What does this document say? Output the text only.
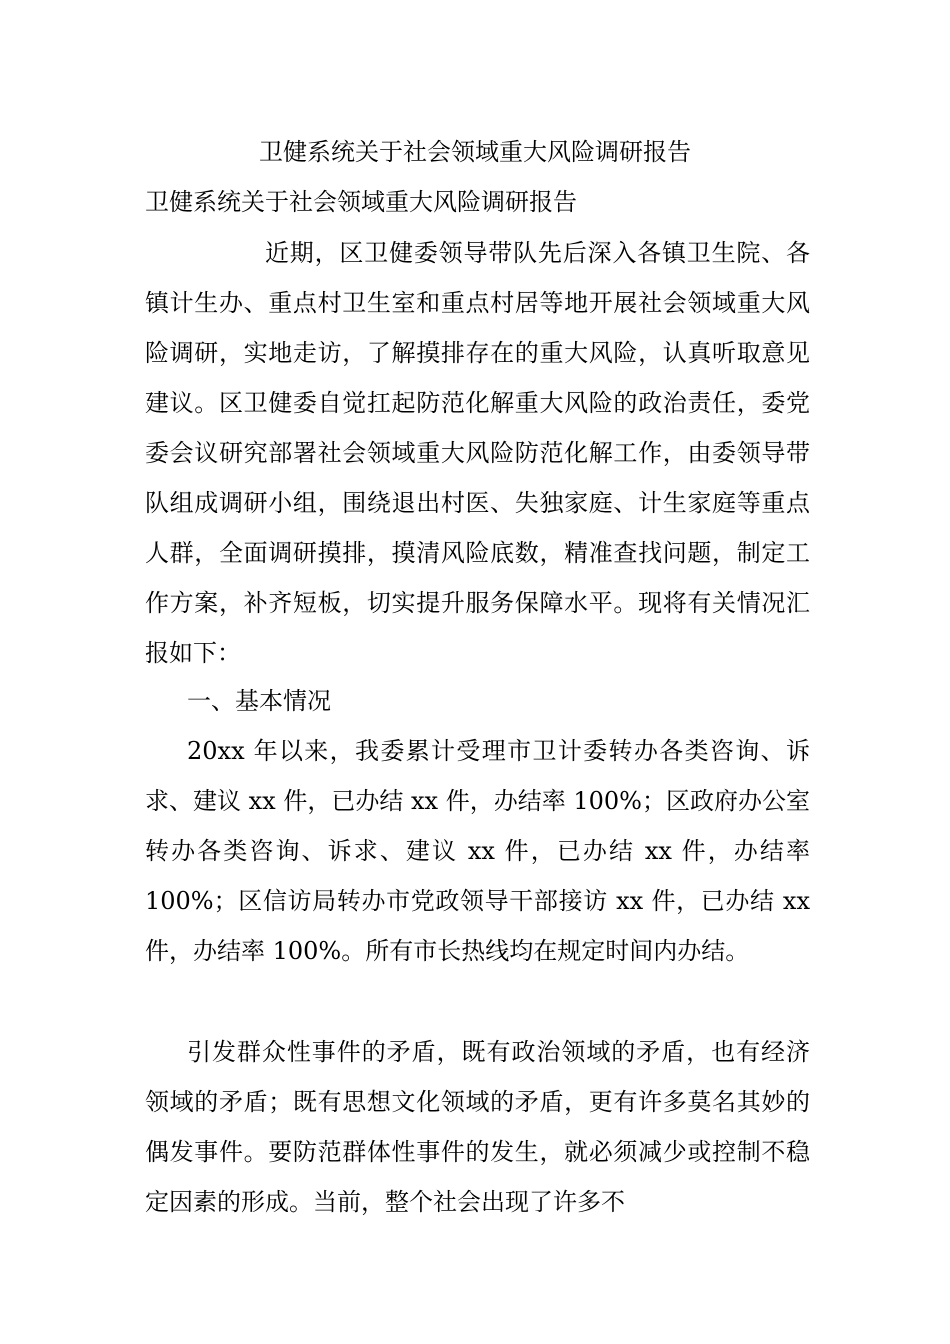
卫健系统关于社会领域重大风险调研报告
卫健系统关于社会领域重大风险调研报告

近期，区卫健委领导带队先后深入各镇卫生院、各镇计生办、重点村卫生室和重点村居等地开展社会领域重大风险调研，实地走访，了解摸排存在的重大风险，认真听取意见建议。区卫健委自觉扛起防范化解重大风险的政治责任，委党委会议研究部署社会领域重大风险防范化解工作，由委领导带队组成调研小组，围绕退出村医、失独家庭、计生家庭等重点人群，全面调研摸排，摸清风险底数，精准查找问题，制定工作方案，补齐短板，切实提升服务保障水平。现将有关情况汇报如下：

一、基本情况

20xx 年以来，我委累计受理市卫计委转办各类咨询、诉求、建议 xx 件，已办结 xx 件，办结率 100%；区政府办公室转办各类咨询、诉求、建议 xx 件，已办结 xx 件，办结率 100%；区信访局转办市党政领导干部接访 xx 件，已办结 xx 件，办结率 100%。所有市长热线均在规定时间内办结。

引发群众性事件的矛盾，既有政治领域的矛盾，也有经济领域的矛盾；既有思想文化领域的矛盾，更有许多莫名其妙的偶发事件。要防范群体性事件的发生，就必须减少或控制不稳定因素的形成。当前，整个社会出现了许多不
